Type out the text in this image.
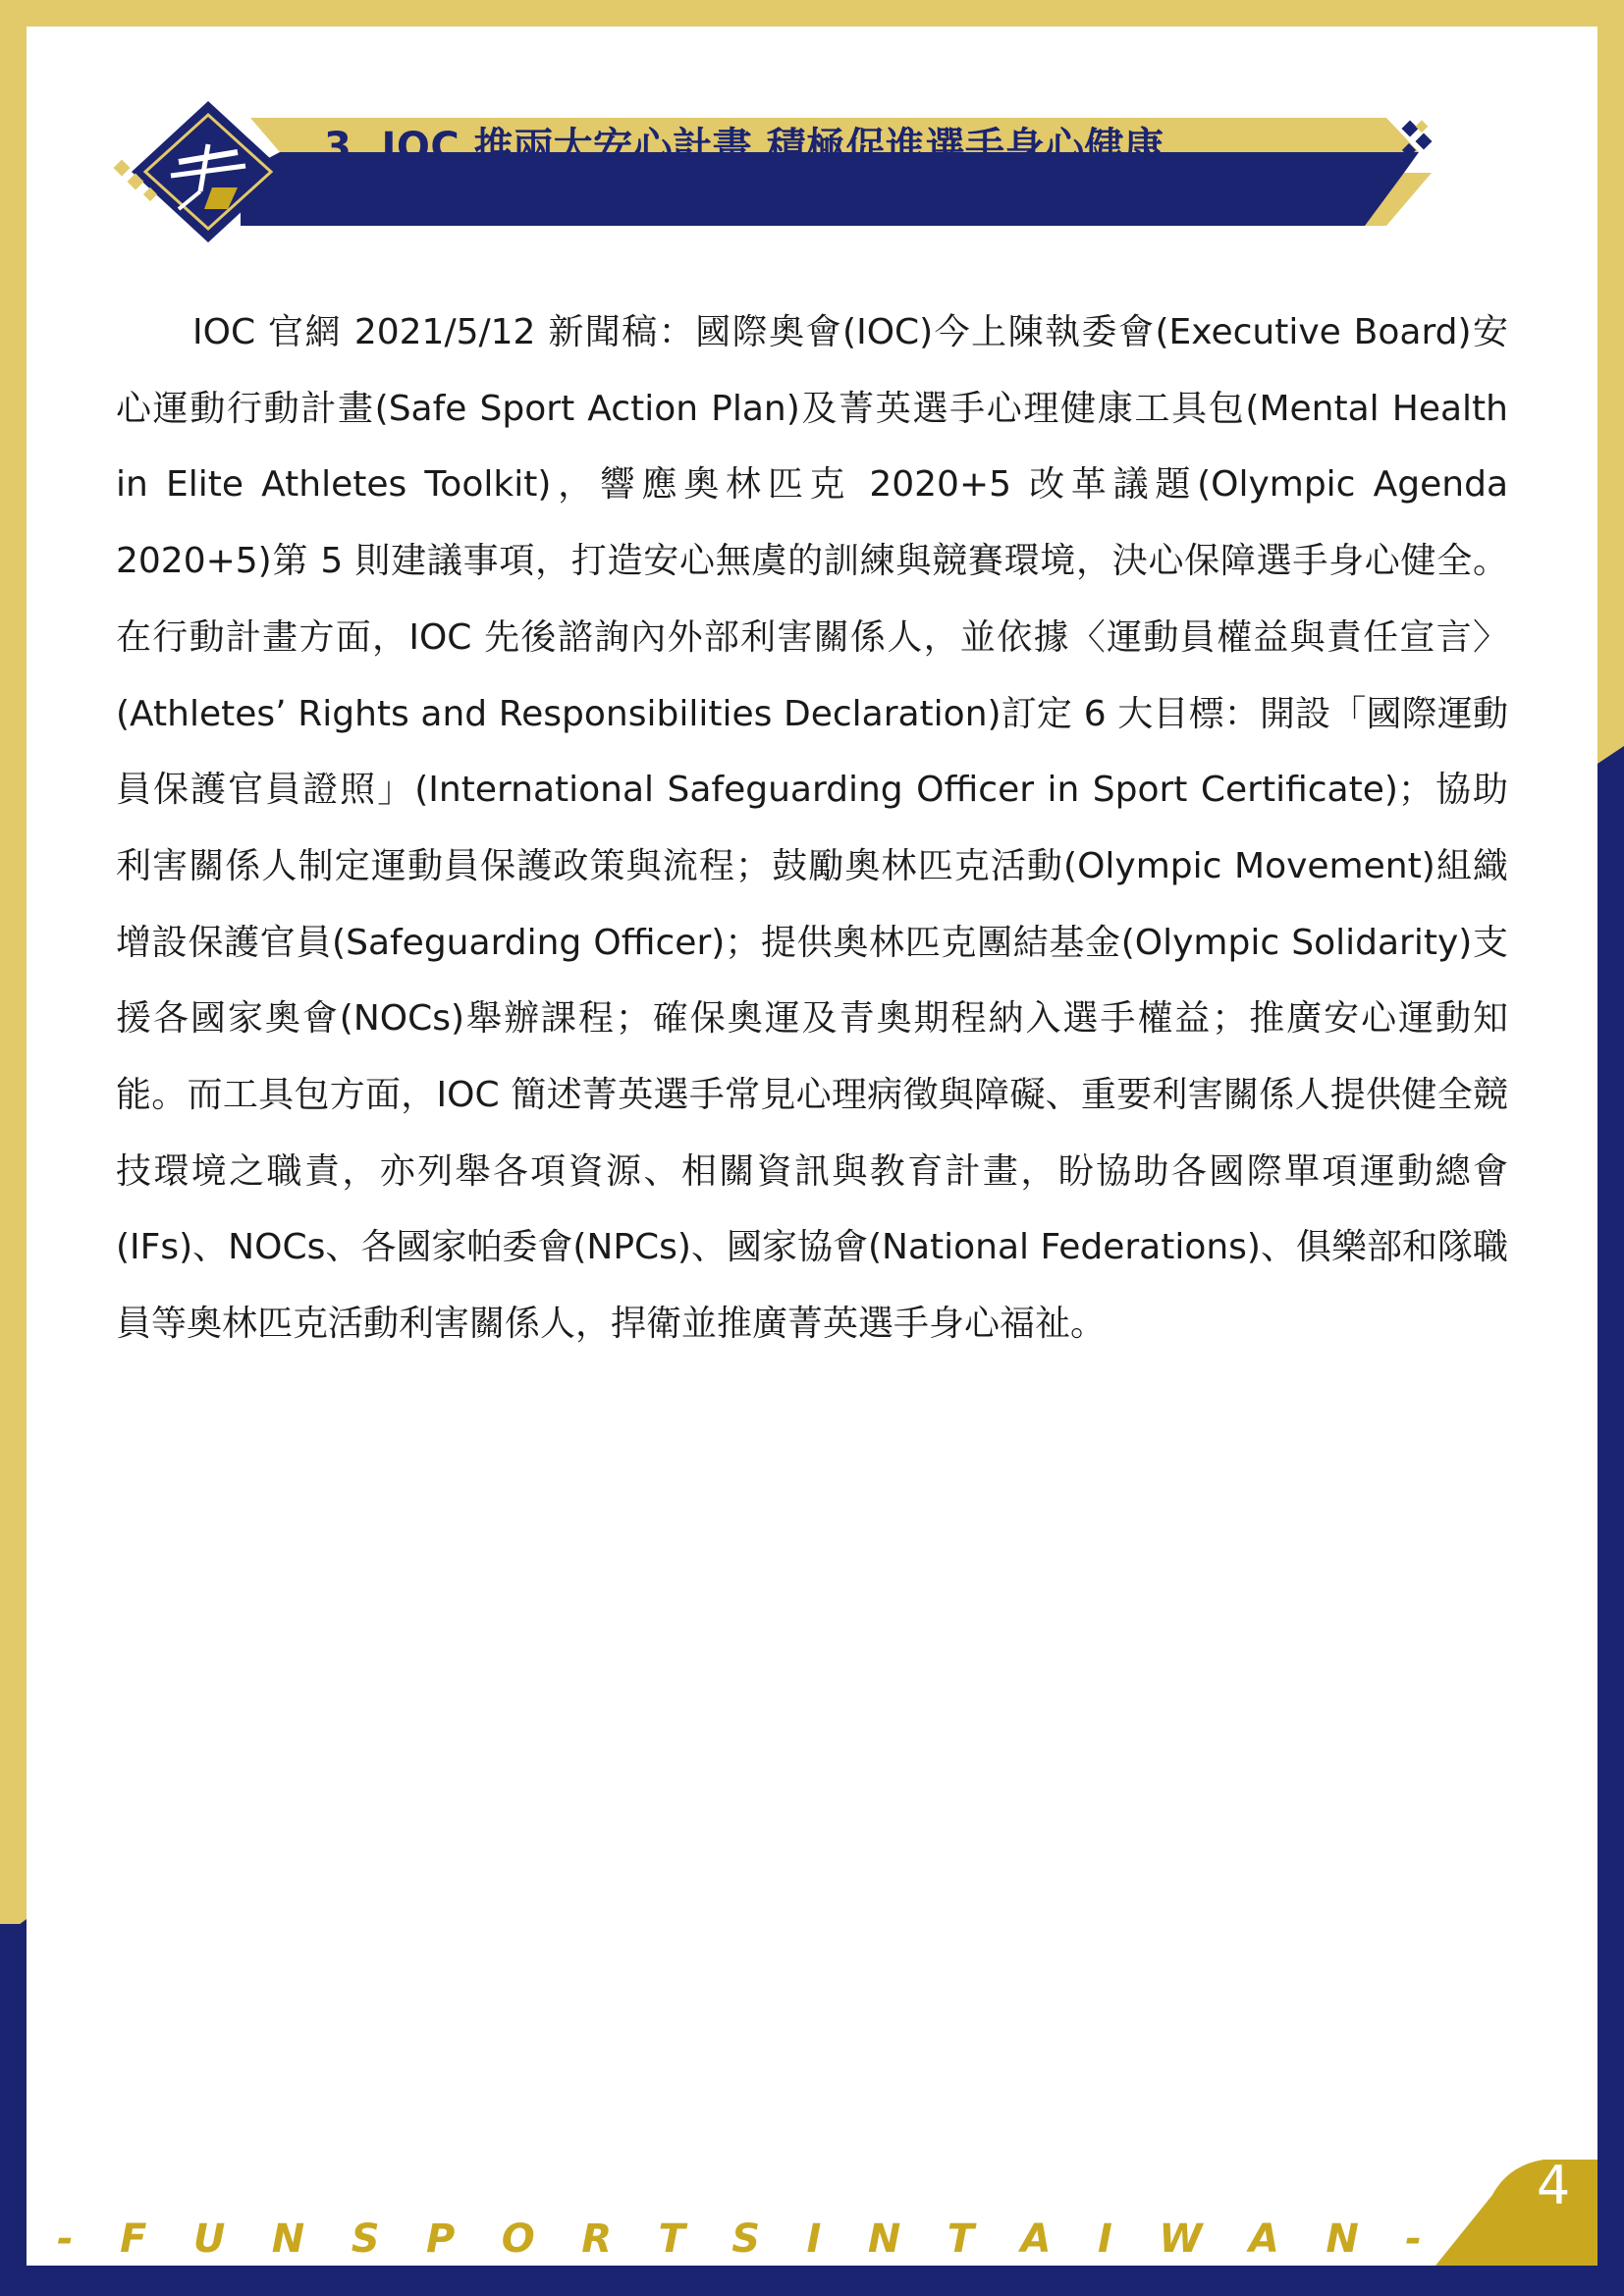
3. IOC 推兩大安心計畫 積極促進選手身心健康

IOC 官網 2021/5/12 新聞稿：國際奧會(IOC)今上陳執委會(Executive Board)安心運動行動計畫(Safe Sport Action Plan)及菁英選手心理健康工具包(Mental Health in Elite Athletes Toolkit)，響應奧林匹克 2020+5 改革議題(Olympic Agenda 2020+5)第 5 則建議事項，打造安心無虞的訓練與競賽環境，決心保障選手身心健全。在行動計畫方面，IOC 先後諮詢內外部利害關係人，並依據〈運動員權益與責任宣言〉(Athletes’ Rights and Responsibilities Declaration)訂定 6 大目標：開設「國際運動員保護官員證照」(International Safeguarding Officer in Sport Certificate)；協助利害關係人制定運動員保護政策與流程；鼓勵奧林匹克活動(Olympic Movement)組織增設保護官員(Safeguarding Officer)；提供奧林匹克團結基金(Olympic Solidarity)支援各國家奧會(NOCs)舉辦課程；確保奧運及青奧期程納入選手權益；推廣安心運動知能。而工具包方面，IOC 簡述菁英選手常見心理病徵與障礙、重要利害關係人提供健全競技環境之職責，亦列舉各項資源、相關資訊與教育計畫，盼協助各國際單項運動總會(IFs)、NOCs、各國家帕委會(NPCs)、國家協會(National Federations)、俱樂部和隊職員等奧林匹克活動利害關係人，捍衛並推廣菁英選手身心福祉。

- F U N S P O R T S I N T A I W A N -
4
